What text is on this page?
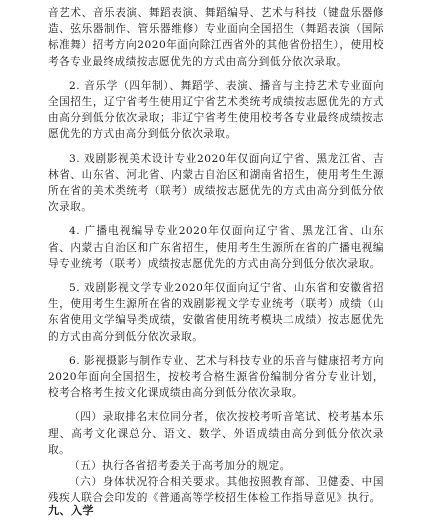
音艺术、音乐表演、舞蹈表演、舞蹈编导、艺术与科技（键盘乐器修造、弦乐器制作、管乐器维修）专业面向全国招生（舞蹈表演（国际标准舞）招考方向2020年面向除江西省外的其他省份招生），使用校考各专业最终成绩按志愿优先的方式由高分到低分依次录取。

2. 音乐学（四年制）、舞蹈学、表演、播音与主持艺术专业面向全国招生，辽宁省考生使用辽宁省艺术类统考成绩按志愿优先的方式由高分到低分依次录取；非辽宁省考生使用校考各专业最终成绩按志愿优先的方式由高分到低分依次录取。

3. 戏剧影视美术设计专业2020年仅面向辽宁省、黑龙江省、吉林省、山东省、河北省、内蒙古自治区和湖南省招生，使用考生生源所在省的美术类统考（联考）成绩按志愿优先的方式由高分到低分依次录取。

4. 广播电视编导专业2020年仅面向辽宁省、黑龙江省、山东省、内蒙古自治区和广东省招生，使用考生生源所在省的广播电视编导专业统考（联考）成绩按志愿优先的方式由高分到低分依次录取。

5. 戏剧影视文学专业2020年仅面向辽宁省、山东省和安徽省招生，使用考生生源所在省的戏剧影视文学专业统考（联考）成绩（山东省使用文学编导类成绩，安徽省使用统考模块二成绩）按志愿优先的方式由高分到低分依次录取。

6. 影视摄影与制作专业、艺术与科技专业的乐音与健康招考方向2020年面向全国招生，按校考合格生源省份编制分省分专业计划，校考合格考生按文化课成绩由高分到低分依次录取。

（四）录取排名末位同分者，依次按校考听音笔试、校考基本乐理、高考文化课总分、语文、数学、外语成绩由高分到低分依次录取。

（五）执行各省招考委关于高考加分的规定。

（六）身体状况符合相关要求。其他按照教育部、卫健委、中国残疾人联合会印发的《普通高等学校招生体检工作指导意见》执行。

九、入学
